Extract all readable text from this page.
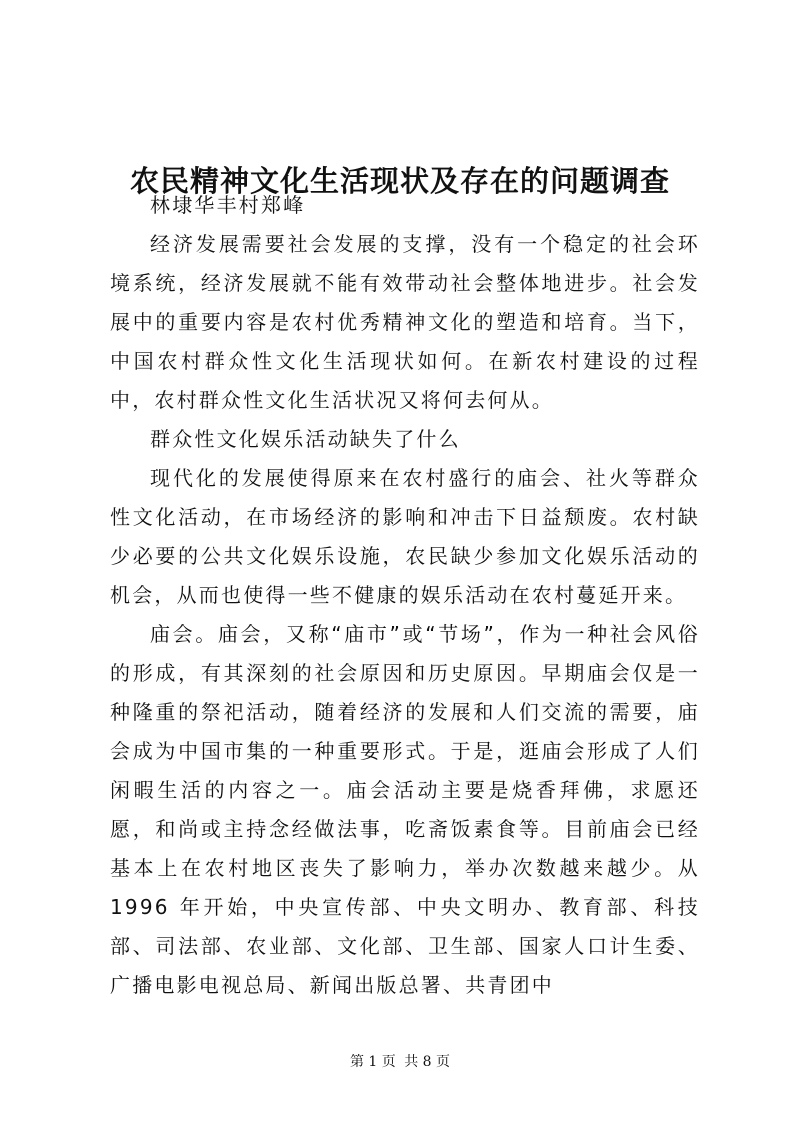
农民精神文化生活现状及存在的问题调查

林埭华丰村郑峰

经济发展需要社会发展的支撑，没有一个稳定的社会环境系统，经济发展就不能有效带动社会整体地进步。社会发展中的重要内容是农村优秀精神文化的塑造和培育。当下，中国农村群众性文化生活现状如何。在新农村建设的过程中，农村群众性文化生活状况又将何去何从。

群众性文化娱乐活动缺失了什么

现代化的发展使得原来在农村盛行的庙会、社火等群众性文化活动，在市场经济的影响和冲击下日益颓废。农村缺少必要的公共文化娱乐设施，农民缺少参加文化娱乐活动的机会，从而也使得一些不健康的娱乐活动在农村蔓延开来。

庙会。庙会，又称“庙市”或“节场”，作为一种社会风俗的形成，有其深刻的社会原因和历史原因。早期庙会仅是一种隆重的祭祀活动，随着经济的发展和人们交流的需要，庙会成为中国市集的一种重要形式。于是，逛庙会形成了人们闲暇生活的内容之一。庙会活动主要是烧香拜佛，求愿还愿，和尚或主持念经做法事，吃斋饭素食等。目前庙会已经基本上在农村地区丧失了影响力，举办次数越来越少。从 1996 年开始，中央宣传部、中央文明办、教育部、科技部、司法部、农业部、文化部、卫生部、国家人口计生委、广播电影电视总局、新闻出版总署、共青团中

第 1 页 共 8 页
